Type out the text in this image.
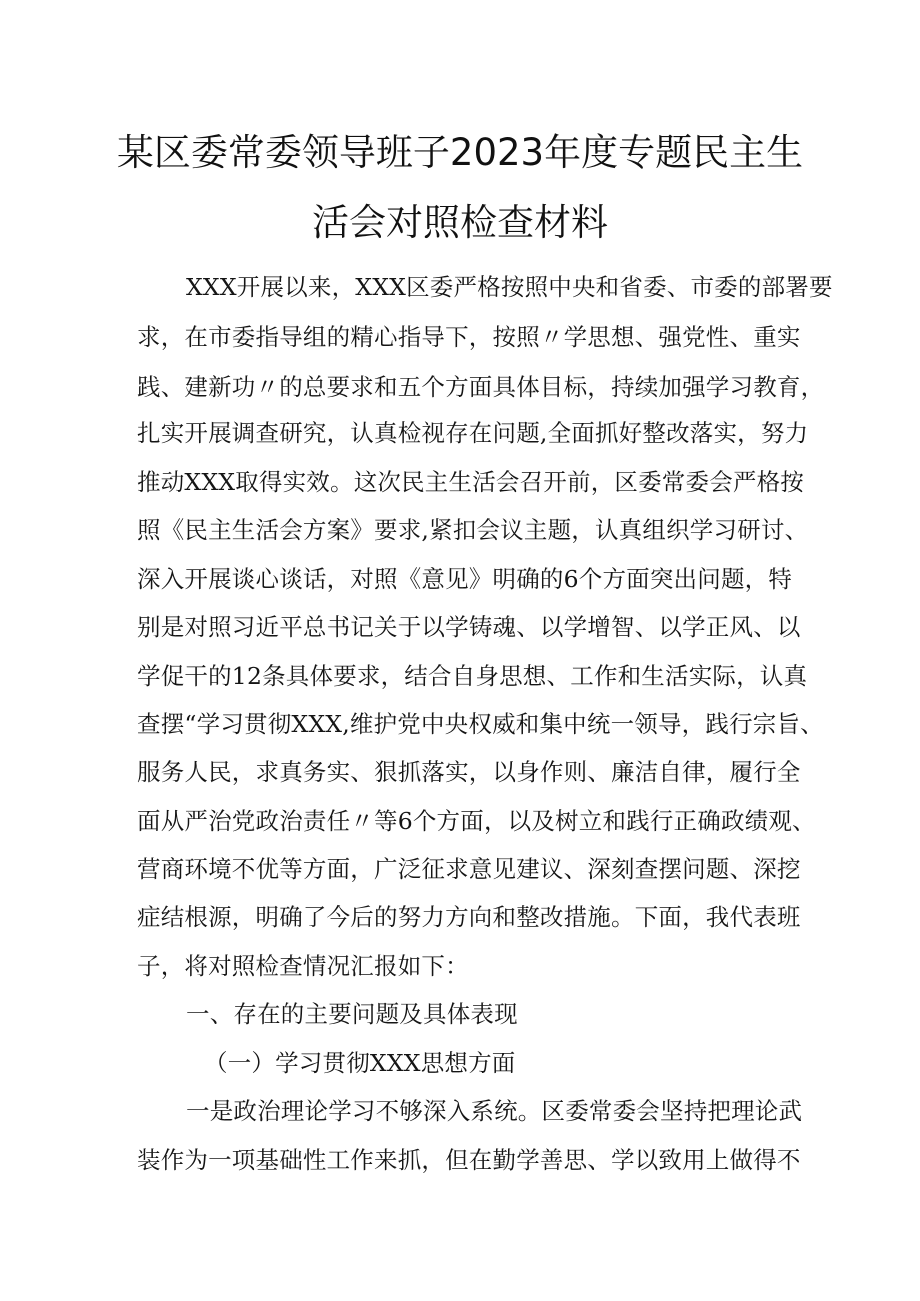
某区委常委领导班子2023年度专题民主生
活会对照检查材料
XXX开展以来，XXX区委严格按照中央和省委、市委的部署要
求，在市委指导组的精心指导下，按照〃学思想、强党性、重实
践、建新功〃的总要求和五个方面具体目标，持续加强学习教育，
扎实开展调查研究，认真检视存在问题,全面抓好整改落实，努力
推动XXX取得实效。这次民主生活会召开前，区委常委会严格按
照《民主生活会方案》要求,紧扣会议主题，认真组织学习研讨、
深入开展谈心谈话，对照《意见》明确的6个方面突出问题，特
别是对照习近平总书记关于以学铸魂、以学增智、以学正风、以
学促干的12条具体要求，结合自身思想、工作和生活实际，认真
查摆“学习贯彻XXX,维护党中央权威和集中统一领导，践行宗旨、
服务人民，求真务实、狠抓落实，以身作则、廉洁自律，履行全
面从严治党政治责任〃等6个方面，以及树立和践行正确政绩观、
营商环境不优等方面，广泛征求意见建议、深刻查摆问题、深挖
症结根源，明确了今后的努力方向和整改措施。下面，我代表班
子，将对照检查情况汇报如下：
一、存在的主要问题及具体表现
（一）学习贯彻XXX思想方面
一是政治理论学习不够深入系统。区委常委会坚持把理论武
装作为一项基础性工作来抓，但在勤学善思、学以致用上做得不
